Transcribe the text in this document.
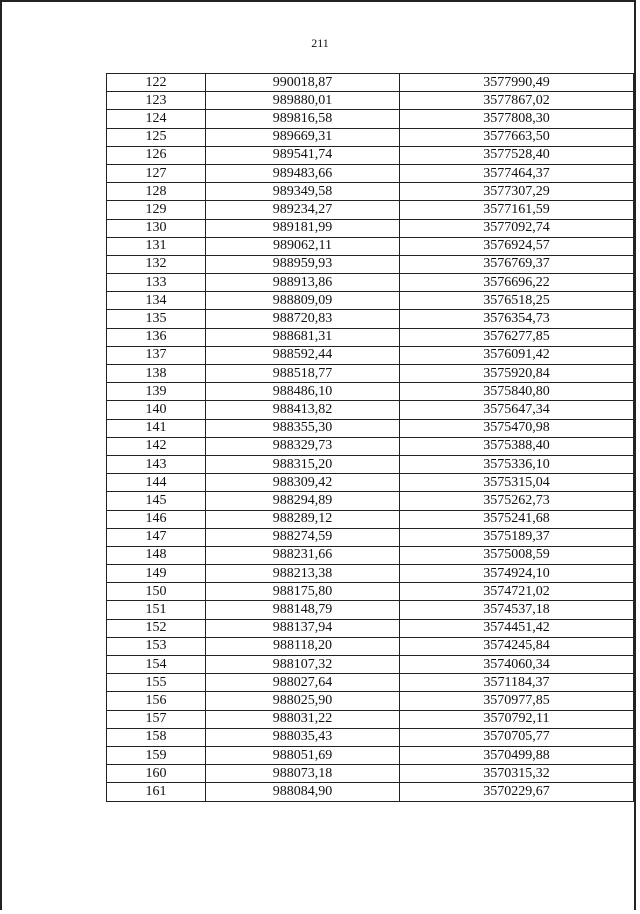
211
122	990018,87	3577990,49
123	989880,01	3577867,02
124	989816,58	3577808,30
125	989669,31	3577663,50
126	989541,74	3577528,40
127	989483,66	3577464,37
128	989349,58	3577307,29
129	989234,27	3577161,59
130	989181,99	3577092,74
131	989062,11	3576924,57
132	988959,93	3576769,37
133	988913,86	3576696,22
134	988809,09	3576518,25
135	988720,83	3576354,73
136	988681,31	3576277,85
137	988592,44	3576091,42
138	988518,77	3575920,84
139	988486,10	3575840,80
140	988413,82	3575647,34
141	988355,30	3575470,98
142	988329,73	3575388,40
143	988315,20	3575336,10
144	988309,42	3575315,04
145	988294,89	3575262,73
146	988289,12	3575241,68
147	988274,59	3575189,37
148	988231,66	3575008,59
149	988213,38	3574924,10
150	988175,80	3574721,02
151	988148,79	3574537,18
152	988137,94	3574451,42
153	988118,20	3574245,84
154	988107,32	3574060,34
155	988027,64	3571184,37
156	988025,90	3570977,85
157	988031,22	3570792,11
158	988035,43	3570705,77
159	988051,69	3570499,88
160	988073,18	3570315,32
161	988084,90	3570229,67
